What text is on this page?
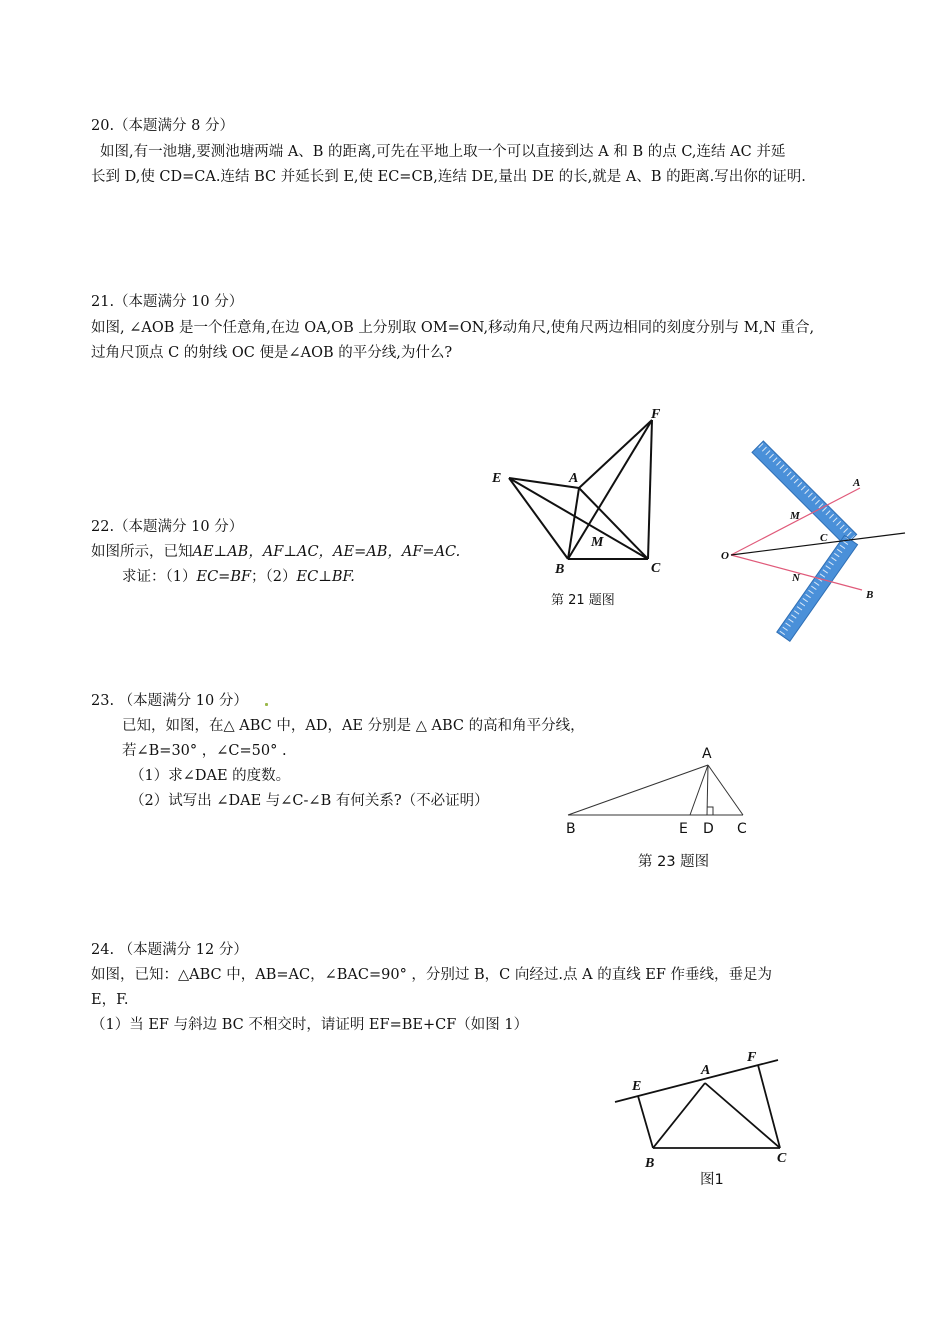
20.（本题满分 8 分）
如图,有一池塘,要测池塘两端 A、B 的距离,可先在平地上取一个可以直接到达 A 和 B 的点 C,连结 AC 并延
长到 D,使 CD=CA.连结 BC 并延长到 E,使 EC=CB,连结 DE,量出 DE 的长,就是 A、B 的距离.写出你的证明.
21.（本题满分 10 分）
如图, ∠AOB 是一个任意角,在边 OA,OB 上分别取 OM=ON,移动角尺,使角尺两边相同的刻度分别与 M,N 重合,
过角尺顶点 C 的射线 OC 便是∠AOB 的平分线,为什么?
E	A
F
M
B	C
第 21 题图
A
M
C
O
N
B
22.（本题满分 10 分）
如图所示，已知AE⊥AB，AF⊥AC，AE=AB，AF=AC.
求证：（1）EC=BF；（2）EC⊥BF.
23. （本题满分 10 分）
已知，如图，在△ ABC 中，AD，AE 分别是 △ ABC 的高和角平分线，
若∠B=30° ，∠C=50° .
（1）求∠DAE 的度数。
（2）试写出 ∠DAE 与∠C-∠B 有何关系?（不必证明）
A
B	E D C
第 23 题图
24. （本题满分 12 分）
如图，已知：△ABC 中，AB=AC，∠BAC=90° ，分别过 B，C 向经过.点 A 的直线 EF 作垂线，垂足为
E，F.
（1）当 EF 与斜边 BC 不相交时，请证明 EF=BE+CF（如图 1）
E
A
F
B	C
图1
